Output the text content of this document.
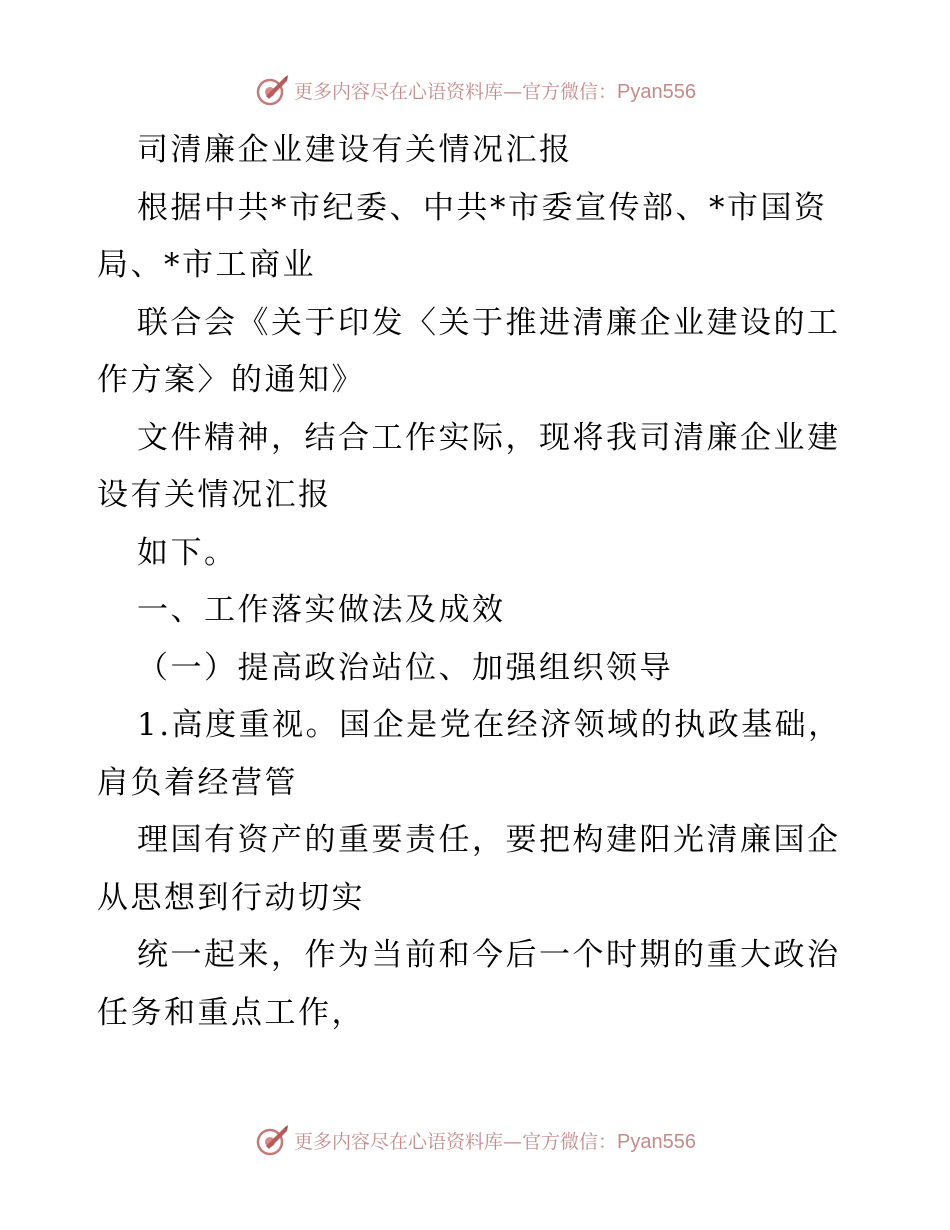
更多内容尽在心语资料库—官方微信：Pyan556
司清廉企业建设有关情况汇报
根据中共*市纪委、中共*市委宣传部、*市国资
局、*市工商业
联合会《关于印发〈关于推进清廉企业建设的工
作方案〉的通知》
文件精神，结合工作实际，现将我司清廉企业建
设有关情况汇报
如下。
一、工作落实做法及成效
（一）提高政治站位、加强组织领导
1.高度重视。国企是党在经济领域的执政基础，
肩负着经营管
理国有资产的重要责任，要把构建阳光清廉国企
从思想到行动切实
统一起来，作为当前和今后一个时期的重大政治
任务和重点工作，
更多内容尽在心语资料库—官方微信：Pyan556
